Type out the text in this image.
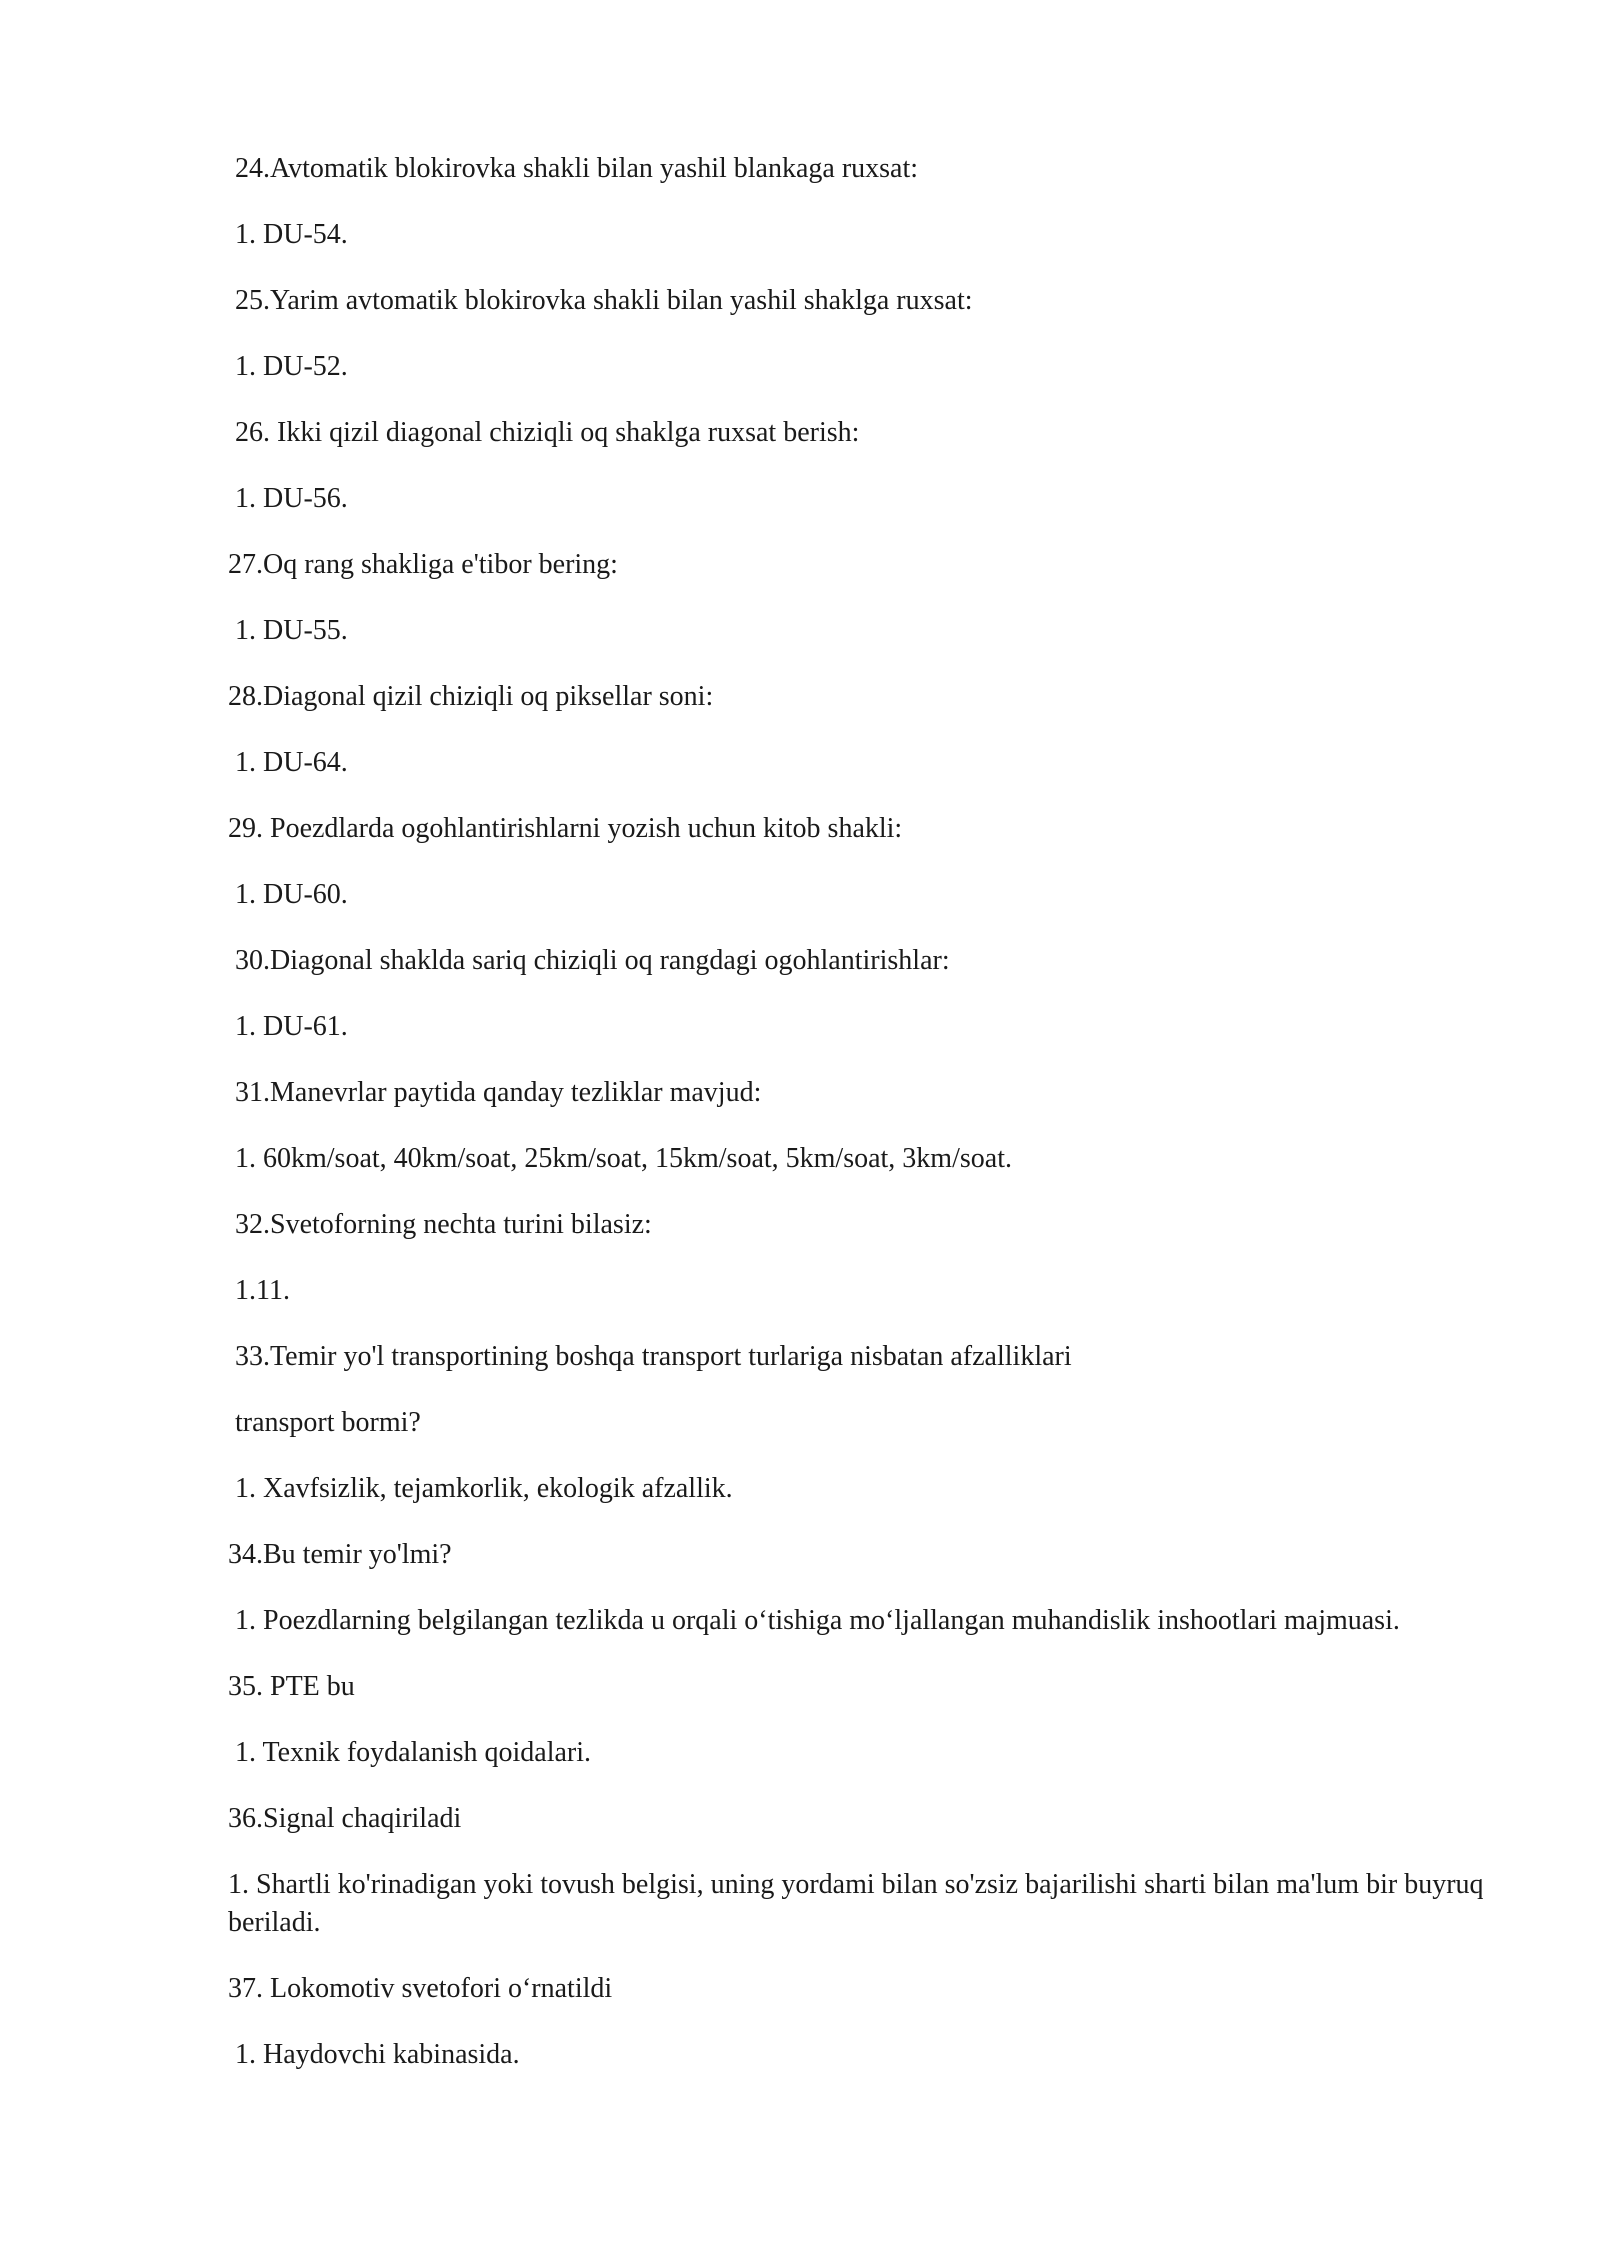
24.Avtomatik blokirovka shakli bilan yashil blankaga ruxsat:

1. DU-54.

25.Yarim avtomatik blokirovka shakli bilan yashil shaklga ruxsat:

1. DU-52.

26. Ikki qizil diagonal chiziqli oq shaklga ruxsat berish:

1. DU-56.

27.Oq rang shakliga e'tibor bering:

1. DU-55.

28.Diagonal qizil chiziqli oq piksellar soni:

1. DU-64.

29. Poezdlarda ogohlantirishlarni yozish uchun kitob shakli:

1. DU-60.

30.Diagonal shaklda sariq chiziqli oq rangdagi ogohlantirishlar:

1. DU-61.

31.Manevrlar paytida qanday tezliklar mavjud:

1. 60km/soat, 40km/soat, 25km/soat, 15km/soat, 5km/soat, 3km/soat.

32.Svetoforning nechta turini bilasiz:

1.11.

33.Temir yo'l transportining boshqa transport turlariga nisbatan afzalliklari

transport bormi?

1. Xavfsizlik, tejamkorlik, ekologik afzallik.

34.Bu temir yo'lmi?

1. Poezdlarning belgilangan tezlikda u orqali o‘tishiga mo‘ljallangan muhandislik inshootlari majmuasi.

35. PTE bu

1. Texnik foydalanish qoidalari.

36.Signal chaqiriladi

1. Shartli ko'rinadigan yoki tovush belgisi, uning yordami bilan so'zsiz bajarilishi sharti bilan ma'lum bir buyruq beriladi.

37. Lokomotiv svetofori o‘rnatildi

1. Haydovchi kabinasida.
